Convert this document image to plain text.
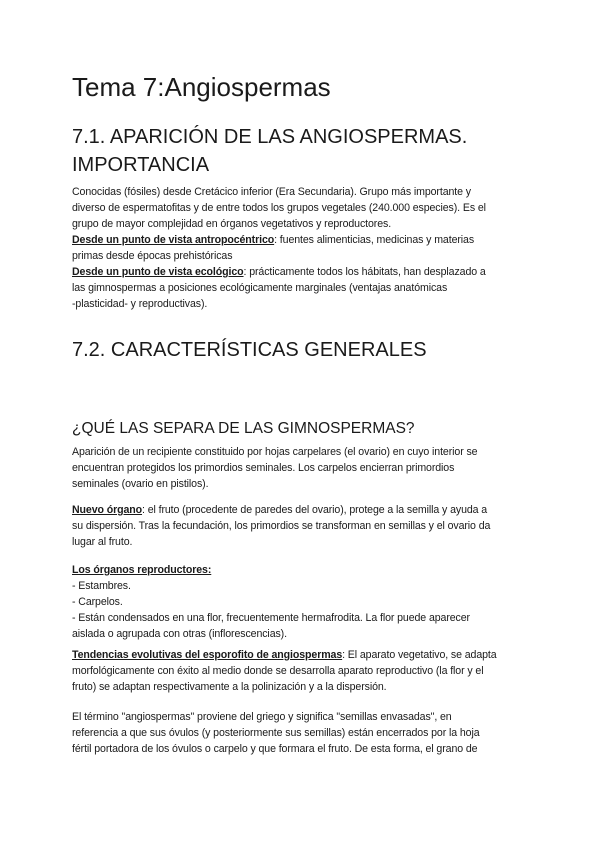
Tema 7:Angiospermas
7.1. APARICIÓN DE LAS ANGIOSPERMAS.
IMPORTANCIA
Conocidas (fósiles) desde Cretácico inferior (Era Secundaria). Grupo más importante y
diverso de espermatofitas y de entre todos los grupos vegetales (240.000 especies). Es el
grupo de mayor complejidad en órganos vegetativos y reproductores.
Desde un punto de vista antropocéntrico: fuentes alimenticias, medicinas y materias
primas desde épocas prehistóricas
Desde un punto de vista ecológico: prácticamente todos los hábitats, han desplazado a
las gimnospermas a posiciones ecológicamente marginales (ventajas anatómicas
-plasticidad- y reproductivas).
7.2. CARACTERÍSTICAS GENERALES
¿QUÉ LAS SEPARA DE LAS GIMNOSPERMAS?
Aparición de un recipiente constituido por hojas carpelares (el ovario) en cuyo interior se
encuentran protegidos los primordios seminales. Los carpelos encierran primordios
seminales (ovario en pistilos).
Nuevo órgano: el fruto (procedente de paredes del ovario), protege a la semilla y ayuda a
su dispersión. Tras la fecundación, los primordios se transforman en semillas y el ovario da
lugar al fruto.
Los órganos reproductores:
- Estambres.
- Carpelos.
- Están condensados en una flor, frecuentemente hermafrodita. La flor puede aparecer
aislada o agrupada con otras (inflorescencias).
Tendencias evolutivas del esporofito de angiospermas: El aparato vegetativo, se adapta
morfológicamente con éxito al medio donde se desarrolla aparato reproductivo (la flor y el
fruto) se adaptan respectivamente a la polinización y a la dispersión.
El término "angiospermas" proviene del griego y significa "semillas envasadas", en
referencia a que sus óvulos (y posteriormente sus semillas) están encerrados por la hoja
fértil portadora de los óvulos o carpelo y que formara el fruto. De esta forma, el grano de
